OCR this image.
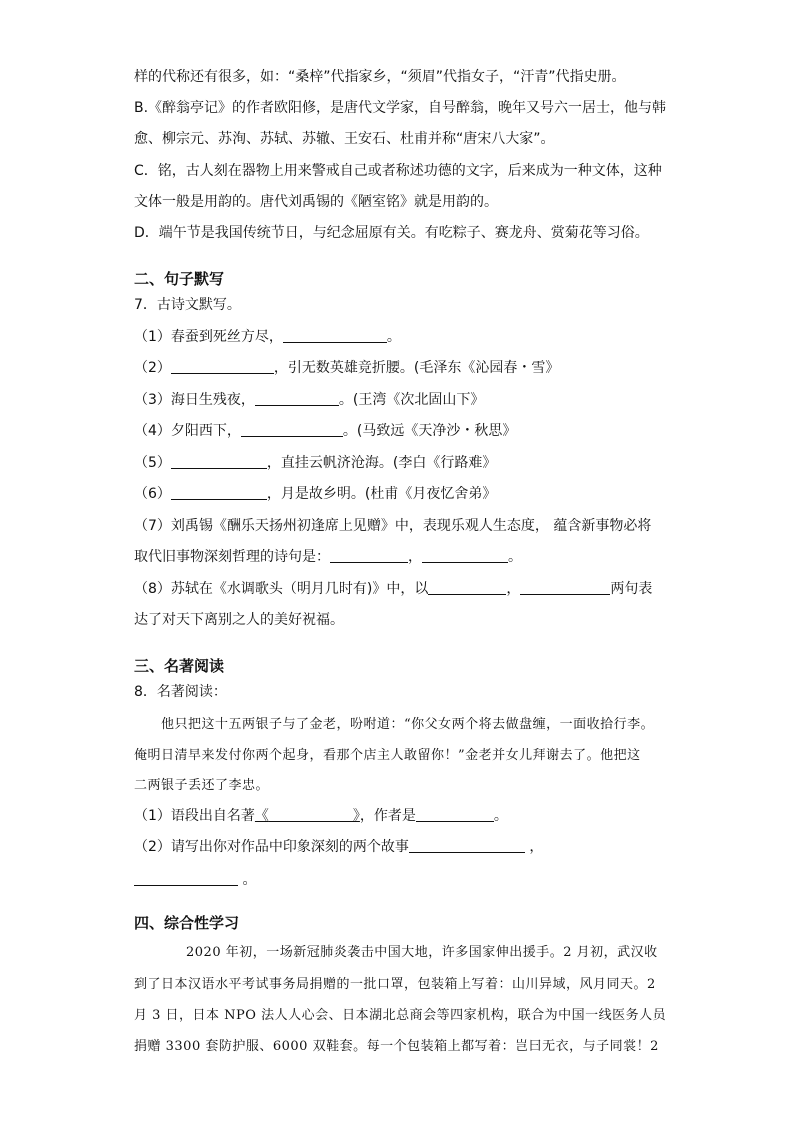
样的代称还有很多，如：“桑梓”代指家乡，“须眉”代指女子，“汗青”代指史册。
B.《醉翁亭记》的作者欧阳修，是唐代文学家，自号醉翁，晚年又号六一居士，他与韩
愈、柳宗元、苏洵、苏轼、苏辙、王安石、杜甫并称“唐宋八大家”。
C．铭，古人刻在器物上用来警戒自己或者称述功德的文字，后来成为一种文体，这种
文体一般是用韵的。唐代刘禹锡的《陋室铭》就是用韵的。
D．端午节是我国传统节日，与纪念屈原有关。有吃粽子、赛龙舟、赏菊花等习俗。
二、句子默写
7．古诗文默写。
（1）春蚕到死丝方尽，	。
（2）	，引无数英雄竞折腰。(毛泽东《沁园春・雪》
（3）海日生残夜，	。(王湾《次北固山下》
（4）夕阳西下，	。(马致远《天净沙・秋思》
（5）	，直挂云帆济沧海。(李白《行路难》
（6）	，月是故乡明。(杜甫《月夜忆舍弟》
（7）刘禹锡《酬乐天扬州初逢席上见赠》中，表现乐观人生态度， 蕴含新事物必将
取代旧事物深刻哲理的诗句是：	，	。
（8）苏轼在《水调歌头（明月几时有)》中，以	，	两句表
达了对天下离别之人的美好祝福。
三、名著阅读
8．名著阅读：
他只把这十五两银子与了金老，吩咐道：“你父女两个将去做盘缠，一面收拾行李。
俺明日清早来发付你两个起身，看那个店主人敢留你！”金老并女儿拜谢去了。他把这
二两银子丢还了李忠。
（1）语段出自名著《	》，作者是	。
（2）请写出你对作品中印象深刻的两个故事	，
。
四、综合性学习
2020 年初，一场新冠肺炎袭击中国大地，许多国家伸出援手。2 月初，武汉收
到了日本汉语水平考试事务局捐赠的一批口罩，包装箱上写着：山川异域，风月同天。2
月 3 日，日本 NPO 法人人心会、日本湖北总商会等四家机构，联合为中国一线医务人员
捐赠 3300 套防护服、6000 双鞋套。每一个包装箱上都写着：岂曰无衣，与子同裳！2
